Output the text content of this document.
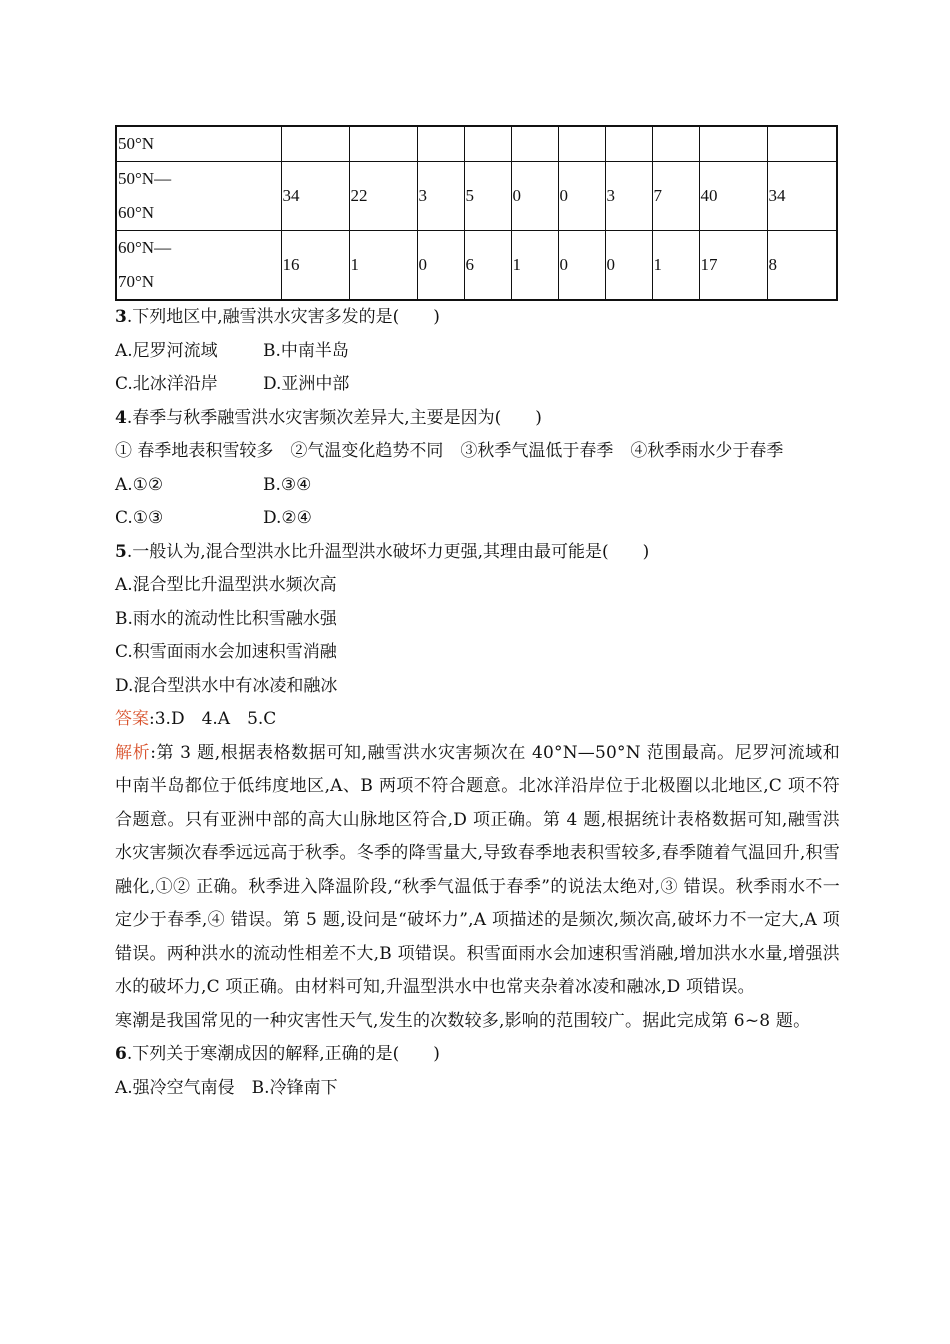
50°N										

50°N—
60°N	34	22	3	5	0	0	3	7	40	34

60°N—
70°N	16	1	0	6	1	0	0	1	17	8

3.下列地区中,融雪洪水灾害多发的是(　　)

A.尼罗河流域	B.中南半岛
C.北冰洋沿岸	D.亚洲中部

4.春季与秋季融雪洪水灾害频次差异大,主要是因为(　　)

① 春季地表积雪较多　②气温变化趋势不同　③秋季气温低于春季　④秋季雨水少于春季

A.①②	B.③④
C.①③	D.②④

5.一般认为,混合型洪水比升温型洪水破坏力更强,其理由最可能是(　　)

A.混合型比升温型洪水频次高

B.雨水的流动性比积雪融水强

C.积雪面雨水会加速积雪消融

D.混合型洪水中有冰凌和融冰

答案:3.D　4.A　5.C

解析:第 3 题,根据表格数据可知,融雪洪水灾害频次在 40°N—50°N 范围最高。尼罗河流域和中南半岛都位于低纬度地区,A、B 两项不符合题意。北冰洋沿岸位于北极圈以北地区,C 项不符合题意。只有亚洲中部的高大山脉地区符合,D 项正确。第 4 题,根据统计表格数据可知,融雪洪水灾害频次春季远远高于秋季。冬季的降雪量大,导致春季地表积雪较多,春季随着气温回升,积雪融化,①② 正确。秋季进入降温阶段,“秋季气温低于春季”的说法太绝对,③ 错误。秋季雨水不一定少于春季,④ 错误。第 5 题,设问是“破坏力”,A 项描述的是频次,频次高,破坏力不一定大,A 项错误。两种洪水的流动性相差不大,B 项错误。积雪面雨水会加速积雪消融,增加洪水水量,增强洪水的破坏力,C 项正确。由材料可知,升温型洪水中也常夹杂着冰凌和融冰,D 项错误。

寒潮是我国常见的一种灾害性天气,发生的次数较多,影响的范围较广。据此完成第 6~8 题。

6.下列关于寒潮成因的解释,正确的是(　　)

A.强冷空气南侵　B.冷锋南下
